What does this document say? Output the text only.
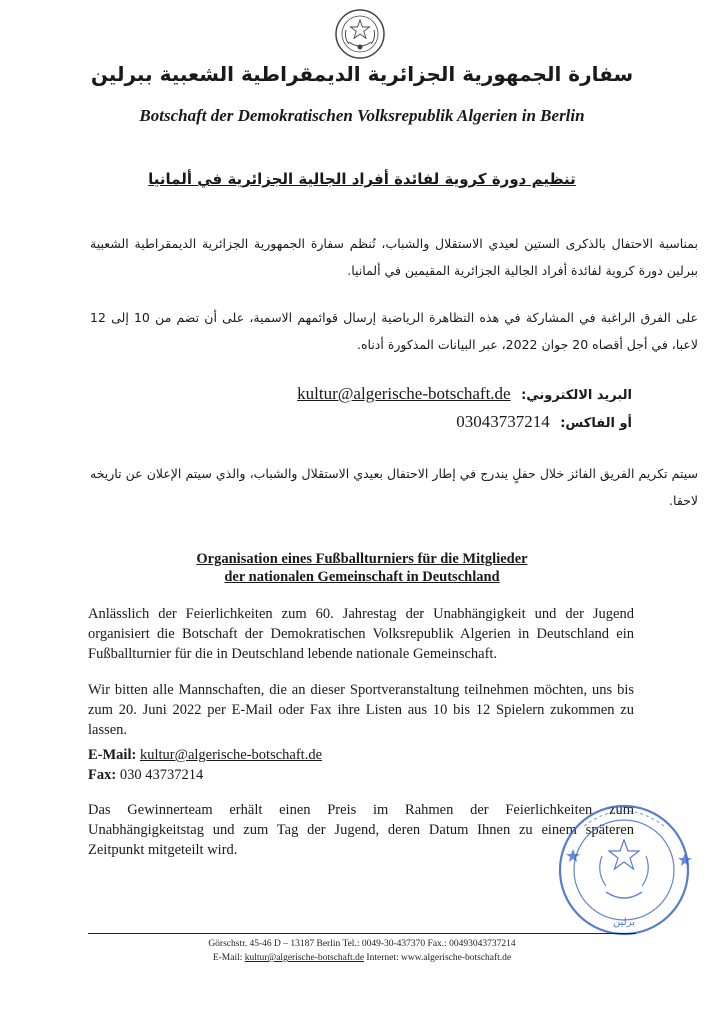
سفارة الجمهورية الجزائرية الديمقراطية الشعبية ببرلين
Botschaft der Demokratischen Volksrepublik Algerien in Berlin
تنظيم دورة كروية لفائدة أفراد الجالية الجزائرية في ألمانيا
بمناسبة الاحتفال بالذكرى الستين لعيدي الاستقلال والشباب، تُنظم سفارة الجمهورية الجزائرية الديمقراطية الشعبية ببرلين دورة كروية لفائدة أفراد الجالية الجزائرية المقيمين في ألمانيا.
على الفرق الراغبة في المشاركة في هذه التظاهرة الرياضية إرسال قوائمهم الاسمية، على أن تضم من 10 إلى 12 لاعبا، في أجل أقصاه 20 جوان 2022، عبر البيانات المذكورة أدناه.
البريد الالكتروني: kultur@algerische-botschaft.de
أو الفاكس: 03043737214
سيتم تكريم الفريق الفائز خلال حفلٍ يندرج في إطار الاحتفال بعيدي الاستقلال والشباب، والذي سيتم الإعلان عن تاريخه لاحقا.
Organisation eines Fußballturniers für die Mitglieder
der nationalen Gemeinschaft in Deutschland
Anlässlich der Feierlichkeiten zum 60. Jahrestag der Unabhängigkeit und der Jugend organisiert die Botschaft der Demokratischen Volksrepublik Algerien in Deutschland ein Fußballturnier für die in Deutschland lebende nationale Gemeinschaft.
Wir bitten alle Mannschaften, die an dieser Sportveranstaltung teilnehmen möchten, uns bis zum 20. Juni 2022 per E-Mail oder Fax ihre Listen aus 10 bis 12 Spielern zukommen zu lassen.
E-Mail: kultur@algerische-botschaft.de
Fax: 030 43737214
Das Gewinnerteam erhält einen Preis im Rahmen der Feierlichkeiten zum Unabhängigkeitstag und zum Tag der Jugend, deren Datum Ihnen zu einem späteren Zeitpunkt mitgeteilt wird.
برلين
Görschstr. 45-46 D – 13187 Berlin Tel.: 0049-30-437370 Fax.: 00493043737214
E-Mail: kultur@algerische-botschaft.de Internet: www.algerische-botschaft.de
